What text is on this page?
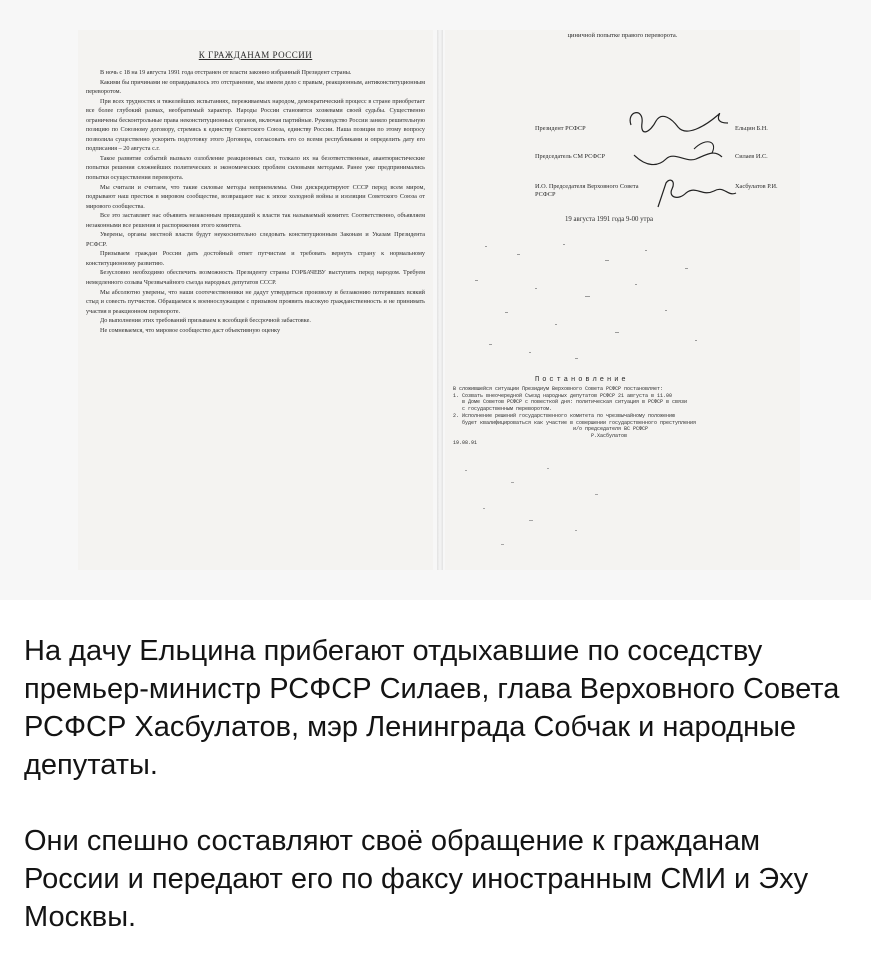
К ГРАЖДАНАМ РОССИИ

В ночь с 18 на 19 августа 1991 года отстранен от власти законно избранный Президент страны.

Какими бы причинами не оправдывалось это отстранение, мы имеем дело с правым, реакционным, антиконституционным переворотом.

При всех трудностях и тяжелейших испытаниях, переживаемых народом, демократический процесс в стране приобретает все более глубокий размах, необратимый характер. Народы России становятся хозяевами своей судьбы. Существенно ограничены бесконтрольные права неконституционных органов, включая партийные. Руководство России заняло решительную позицию по Союзному договору, стремясь к единству Советского Союза, единству России. Наша позиция по этому вопросу позволила существенно ускорить подготовку этого Договора, согласовать его со всеми республиками и определить дату его подписания – 20 августа с.г.

Такое развитие событий вызвало озлобление реакционных сил, толкало их на безответственные, авантюристические попытки решения сложнейших политических и экономических проблем силовыми методами. Ранее уже предпринимались попытки осуществления переворота.

Мы считали и считаем, что такие силовые методы неприемлемы. Они дискредитируют СССР перед всем миром, подрывают наш престиж в мировом сообществе, возвращают нас к эпохе холодной войны и изоляции Советского Союза от мирового сообщества.

Все это заставляет нас объявить незаконным пришедший к власти так называемый комитет. Соответственно, объявляем незаконными все решения и распоряжения этого комитета.

Уверены, органы местной власти будут неукоснительно следовать конституционным Законам и Указам Президента РСФСР.

Призываем граждан России дать достойный ответ путчистам и требовать вернуть страну к нормальному конституционному развитию.

Безусловно необходимо обеспечить возможность Президенту страны ГОРБАЧЕВУ выступить перед народом. Требуем немедленного созыва Чрезвычайного съезда народных депутатов СССР.

Мы абсолютно уверены, что наши соотечественники не дадут утвердиться произволу и беззаконию потерявших всякий стыд и совесть путчистов. Обращаемся к военнослужащим с призывом проявить высокую гражданственность и не принимать участия в реакционном перевороте.

До выполнения этих требований призываем к всеобщей бессрочной забастовке.

Не сомневаемся, что мировое сообщество даст объективную оценку

циничной попытке правого переворота.
Президент РСФСР	Ельцин Б.Н.
Председатель СМ РСФСР	Силаев И.С.
И.О. Председателя Верховного Совета РСФСР
Хасбулатов Р.И.
19 августа 1991 года 9-00 утра
Постановление
В сложившейся ситуации Президиум Верховного Совета РСФСР постановляет:
1. Созвать внеочередной Съезд народных депутатов РСФСР 21 августа в 11.00
в Доме Советов РСФСР с повесткой дня: политическая ситуация в РСФСР в связи
с государственным переворотом.
2. Исполнение решений государственного комитета по чрезвычайному положению
будет квалифицироваться как участие в совершении государственного преступления
и/о председателя ВС РСФСР
Р.Хасбулатов
19.08.91

На дачу Ельцина прибегают отдыхавшие по соседству премьер-министр РСФСР Силаев, глава Верховного Совета РСФСР Хасбулатов, мэр Ленинграда Собчак и народные депутаты.

Они спешно составляют своё обращение к гражданам России и передают его по факсу иностранным СМИ и Эху Москвы.
